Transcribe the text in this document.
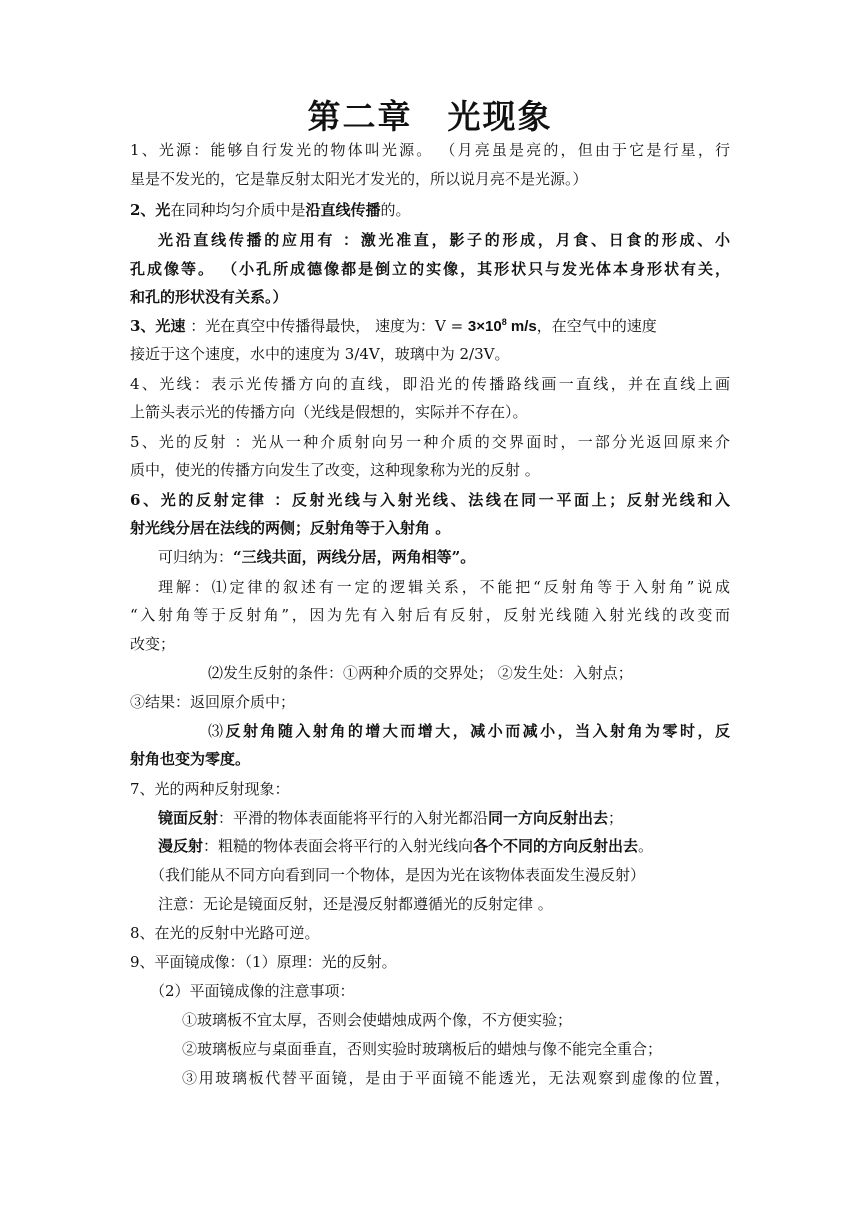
第二章　光现象
1、光源：能够自行发光的物体叫光源。 （月亮虽是亮的，但由于它是行星，行
星是不发光的，它是靠反射太阳光才发光的，所以说月亮不是光源。）
2、光在同种均匀介质中是沿直线传播的。
光沿直线传播的应用有 ：激光准直，影子的形成，月食、日食的形成、小
孔成像等。 （小孔所成德像都是倒立的实像，其形状只与发光体本身形状有关，
和孔的形状没有关系。）
3、光速 ：光在真空中传播得最快， 速度为：$V = 3\times 10^8$ m/s，在空气中的速度
接近于这个速度，水中的速度为 3/4V，玻璃中为 2/3V。
4、光线：表示光传播方向的直线，即沿光的传播路线画一直线，并在直线上画
上箭头表示光的传播方向（光线是假想的，实际并不存在）。
5、光的反射 ：光从一种介质射向另一种介质的交界面时，一部分光返回原来介
质中，使光的传播方向发生了改变，这种现象称为光的反射 。
6、光的反射定律 ：反射光线与入射光线、法线在同一平面上；反射光线和入
射光线分居在法线的两侧；反射角等于入射角 。
可归纳为：“三线共面，两线分居，两角相等”。
理解：⑴定律的叙述有一定的逻辑关系，不能把“反射角等于入射角”说成
“入射角等于反射角”，因为先有入射后有反射，反射光线随入射光线的改变而
改变；
⑵发生反射的条件：①两种介质的交界处； ②发生处：入射点；
③结果：返回原介质中；
⑶反射角随入射角的增大而增大，减小而减小，当入射角为零时，反
射角也变为零度。
7、光的两种反射现象：
镜面反射：平滑的物体表面能将平行的入射光都沿同一方向反射出去；
漫反射：粗糙的物体表面会将平行的入射光线向各个不同的方向反射出去。
（我们能从不同方向看到同一个物体，是因为光在该物体表面发生漫反射）
注意：无论是镜面反射，还是漫反射都遵循光的反射定律 。
8、在光的反射中光路可逆。
9、平面镜成像：（1）原理：光的反射。
（2）平面镜成像的注意事项：
①玻璃板不宜太厚，否则会使蜡烛成两个像，不方便实验；
②玻璃板应与桌面垂直，否则实验时玻璃板后的蜡烛与像不能完全重合；
③用玻璃板代替平面镜，是由于平面镜不能透光，无法观察到虚像的位置，
